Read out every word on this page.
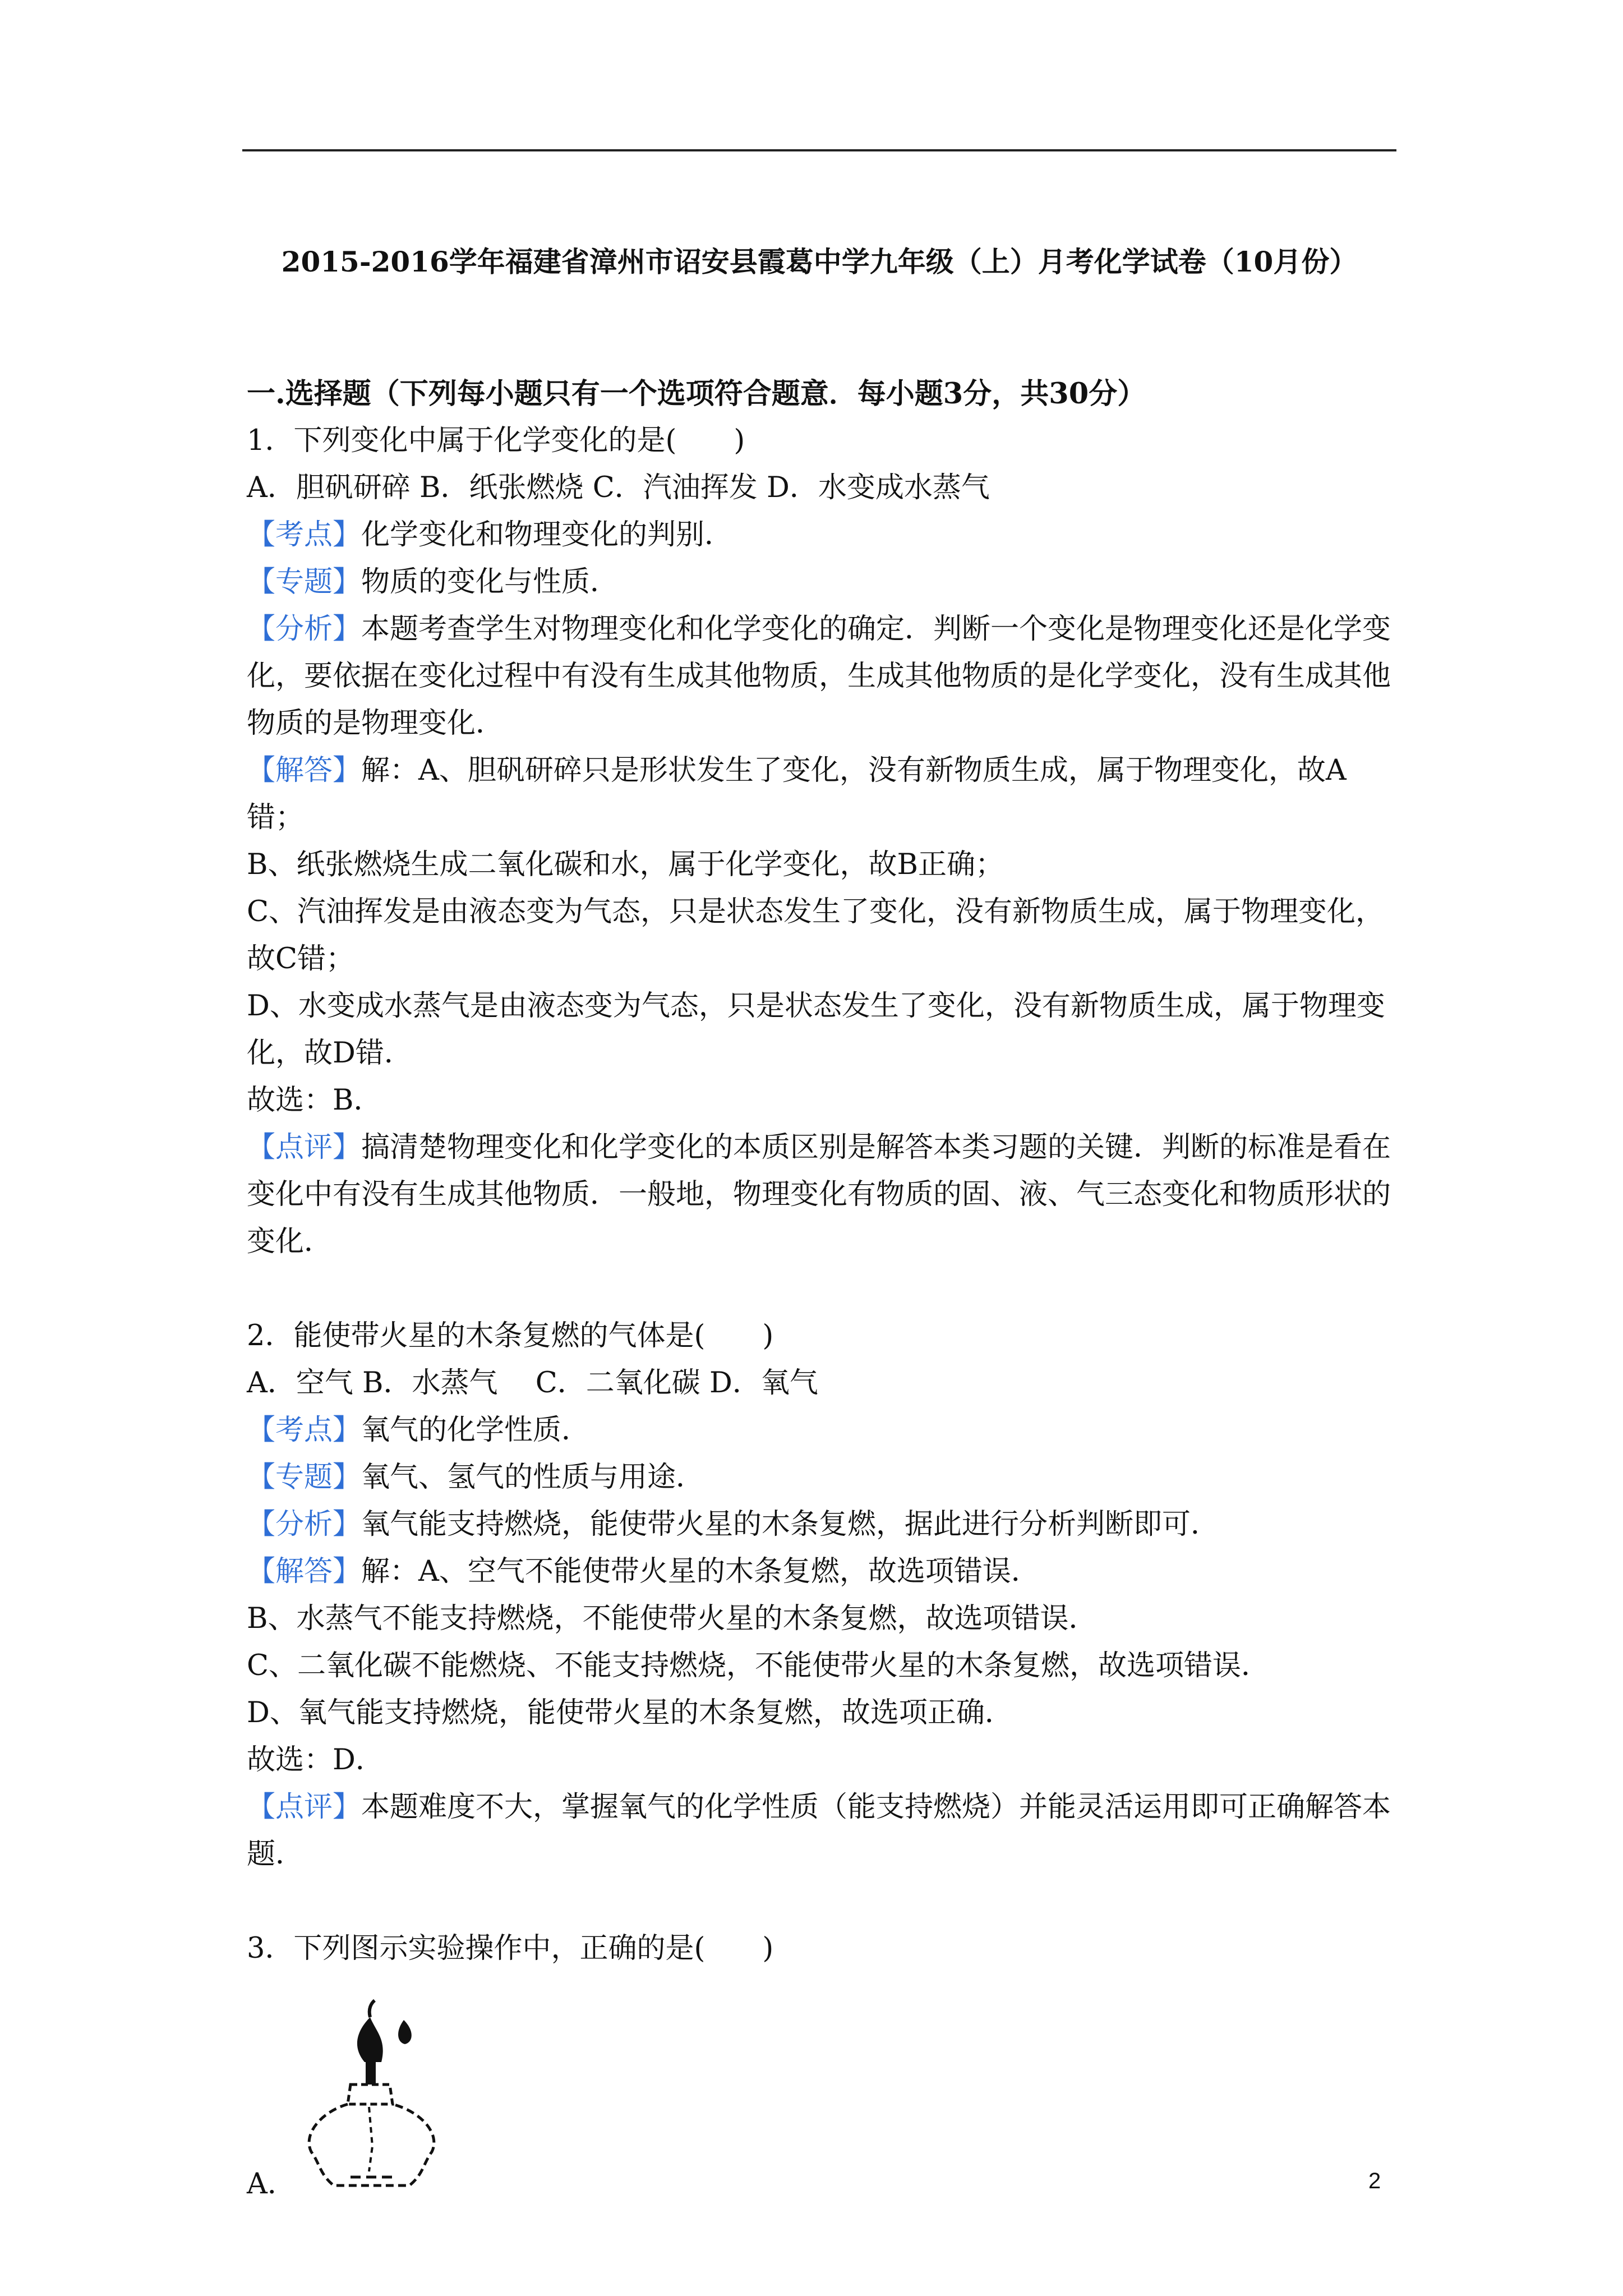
2015-2016学年福建省漳州市诏安县霞葛中学九年级（上）月考化学试卷（10月份）

一.选择题（下列每小题只有一个选项符合题意．每小题3分，共30分）

1．下列变化中属于化学变化的是(　　)

A．胆矾研碎 B．纸张燃烧 C．汽油挥发 D．水变成水蒸气

【考点】化学变化和物理变化的判别．

【专题】物质的变化与性质．

【分析】本题考查学生对物理变化和化学变化的确定．判断一个变化是物理变化还是化学变

化，要依据在变化过程中有没有生成其他物质，生成其他物质的是化学变化，没有生成其他

物质的是物理变化．

【解答】解：A、胆矾研碎只是形状发生了变化，没有新物质生成，属于物理变化，故A错；

B、纸张燃烧生成二氧化碳和水，属于化学变化，故B正确；

C、汽油挥发是由液态变为气态，只是状态发生了变化，没有新物质生成，属于物理变化，

故C错；

D、水变成水蒸气是由液态变为气态，只是状态发生了变化，没有新物质生成，属于物理变

化，故D错．

故选：B．

【点评】搞清楚物理变化和化学变化的本质区别是解答本类习题的关键．判断的标准是看在

变化中有没有生成其他物质．一般地，物理变化有物质的固、液、气三态变化和物质形状的

变化．

2．能使带火星的木条复燃的气体是(　　)

A．空气 B．水蒸气　 C．二氧化碳 D．氧气

【考点】氧气的化学性质．

【专题】氧气、氢气的性质与用途．

【分析】氧气能支持燃烧，能使带火星的木条复燃，据此进行分析判断即可．

【解答】解：A、空气不能使带火星的木条复燃，故选项错误．

B、水蒸气不能支持燃烧，不能使带火星的木条复燃，故选项错误．

C、二氧化碳不能燃烧、不能支持燃烧，不能使带火星的木条复燃，故选项错误．

D、氧气能支持燃烧，能使带火星的木条复燃，故选项正确．

故选：D．

【点评】本题难度不大，掌握氧气的化学性质（能支持燃烧）并能灵活运用即可正确解答本

题．

3．下列图示实验操作中，正确的是(　　)

A．	2
